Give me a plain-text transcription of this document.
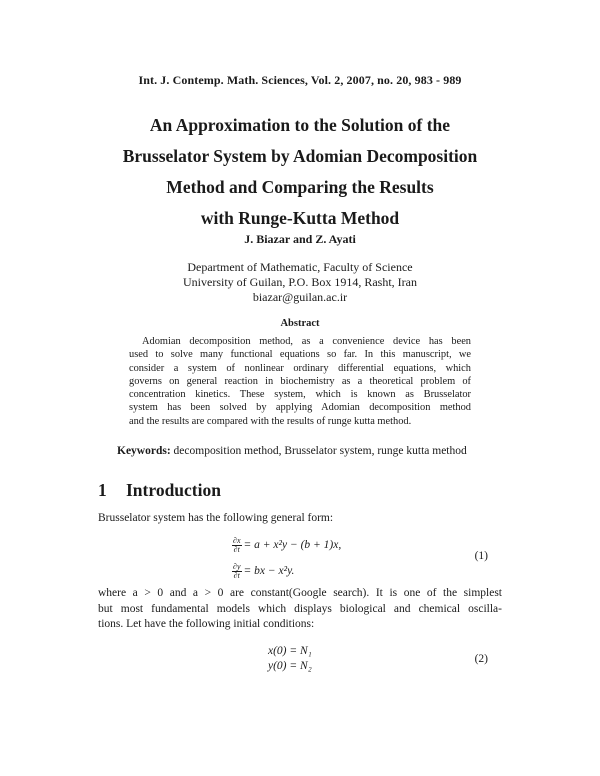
Int. J. Contemp. Math. Sciences, Vol. 2, 2007, no. 20, 983 - 989
An Approximation to the Solution of the
Brusselator System by Adomian Decomposition
Method and Comparing the Results
with Runge-Kutta Method
J. Biazar and Z. Ayati
Department of Mathematic, Faculty of Science
University of Guilan, P.O. Box 1914, Rasht, Iran
biazar@guilan.ac.ir
Abstract
Adomian decomposition method, as a convenience device has been
used to solve many functional equations so far. In this manuscript, we
consider a system of nonlinear ordinary differential equations, which
governs on general reaction in biochemistry as a theoretical problem of
concentration kinetics. These system, which is known as Brusselator
system has been solved by applying Adomian decomposition method
and the results are compared with the results of runge kutta method.
Keywords: decomposition method, Brusselator system, runge kutta method
1 Introduction
Brusselator system has the following general form:
$\frac{\partial x}{\partial t} = a + x^2y - (b + 1)x$,
$\frac{\partial y}{\partial t}$ = bx − x²y.
(1)
where a > 0 and a > 0 are constant(Google search). It is one of the simplest
but most fundamental models which displays biological and chemical oscilla-
tions. Let have the following initial conditions:
x(0) = N₁
y(0) = N₂
(2)
